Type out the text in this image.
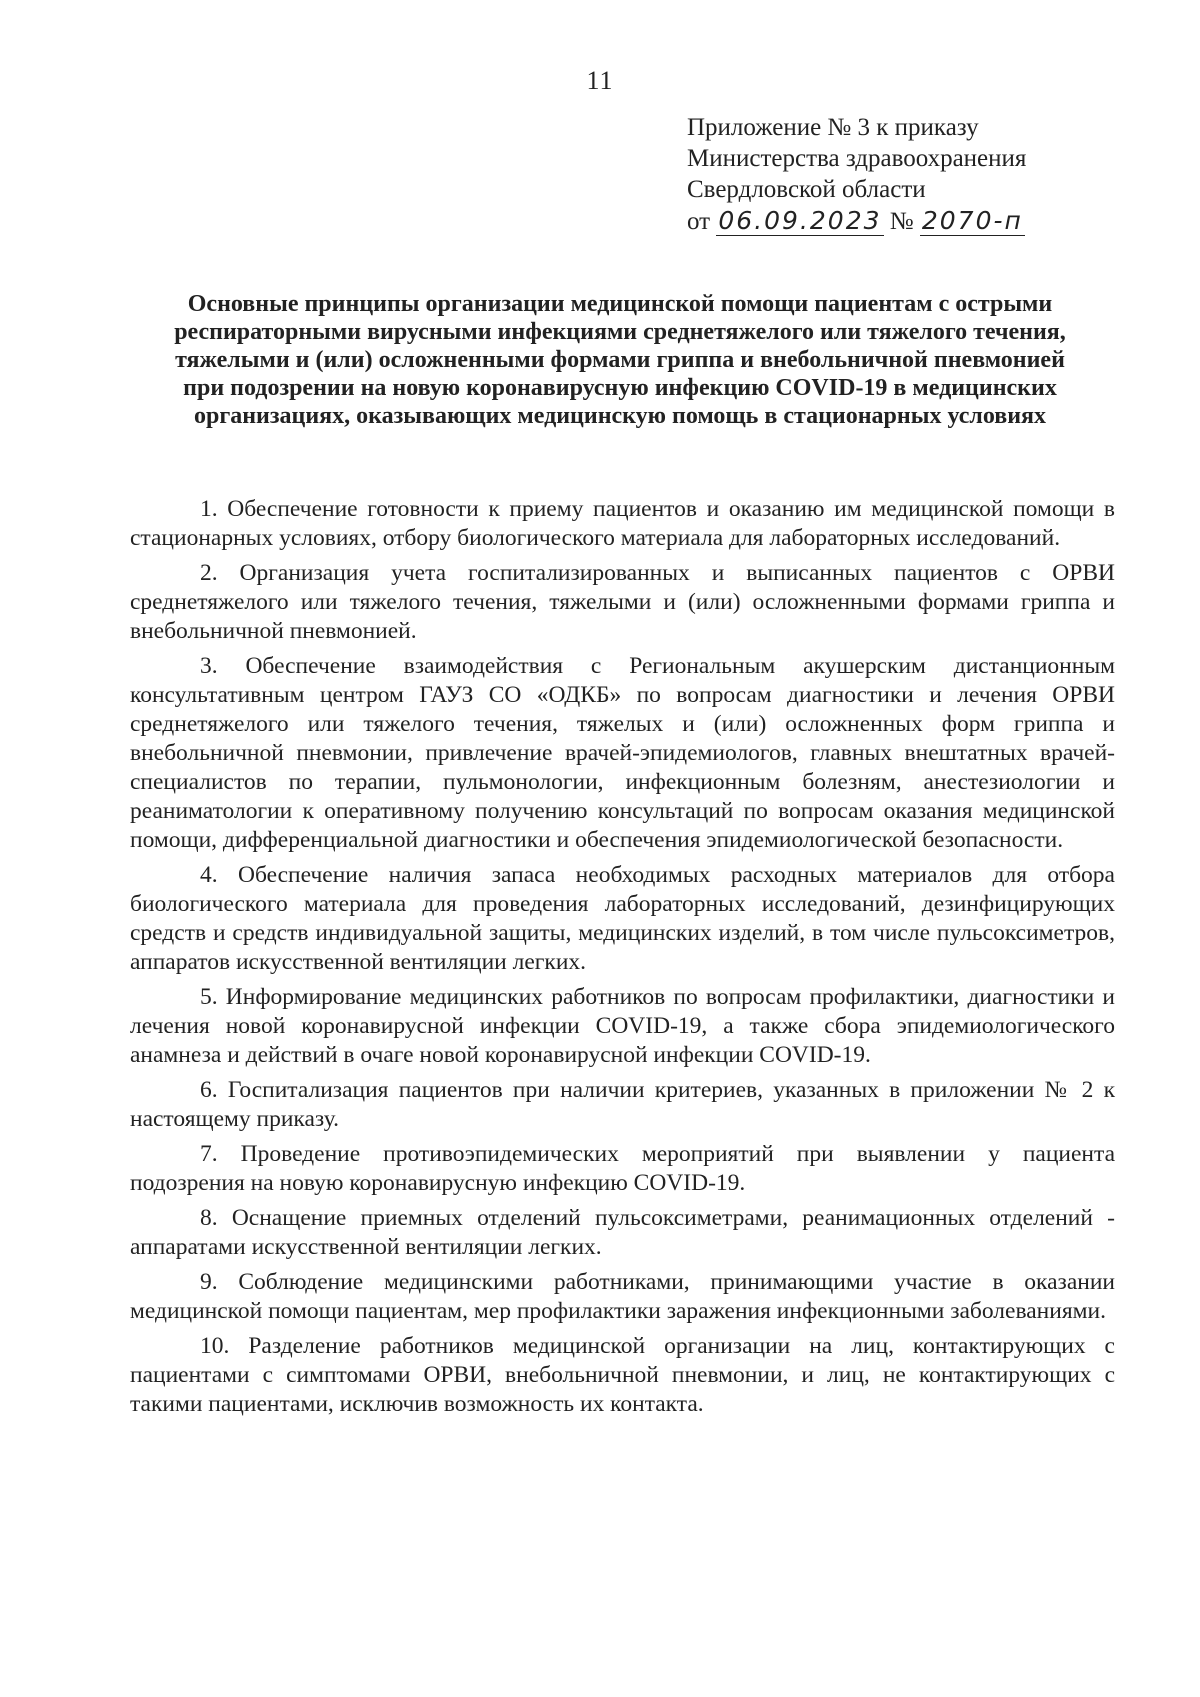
11
Приложение № 3 к приказу
Министерства здравоохранения
Свердловской области
от 06.09.2023 № 2070-п
Основные принципы организации медицинской помощи пациентам с острыми
респираторными вирусными инфекциями среднетяжелого или тяжелого течения,
тяжелыми и (или) осложненными формами гриппа и внебольничной пневмонией
при подозрении на новую коронавирусную инфекцию COVID-19 в медицинских
организациях, оказывающих медицинскую помощь в стационарных условиях

1. Обеспечение готовности к приему пациентов и оказанию им медицинской помощи в стационарных условиях, отбору биологического материала для лабораторных исследований.

2. Организация учета госпитализированных и выписанных пациентов с ОРВИ среднетяжелого или тяжелого течения, тяжелыми и (или) осложненными формами гриппа и внебольничной пневмонией.

3. Обеспечение взаимодействия с Региональным акушерским дистанционным консультативным центром ГАУЗ СО «ОДКБ» по вопросам диагностики и лечения ОРВИ среднетяжелого или тяжелого течения, тяжелых и (или) осложненных форм гриппа и внебольничной пневмонии, привлечение врачей-эпидемиологов, главных внештатных врачей-специалистов по терапии, пульмонологии, инфекционным болезням, анестезиологии и реаниматологии к оперативному получению консультаций по вопросам оказания медицинской помощи, дифференциальной диагностики и обеспечения эпидемиологической безопасности.

4. Обеспечение наличия запаса необходимых расходных материалов для отбора биологического материала для проведения лабораторных исследований, дезинфицирующих средств и средств индивидуальной защиты, медицинских изделий, в том числе пульсоксиметров, аппаратов искусственной вентиляции легких.

5. Информирование медицинских работников по вопросам профилактики, диагностики и лечения новой коронавирусной инфекции COVID-19, а также сбора эпидемиологического анамнеза и действий в очаге новой коронавирусной инфекции COVID-19.

6. Госпитализация пациентов при наличии критериев, указанных в приложении № 2 к настоящему приказу.

7. Проведение противоэпидемических мероприятий при выявлении у пациента подозрения на новую коронавирусную инфекцию COVID-19.

8. Оснащение приемных отделений пульсоксиметрами, реанимационных отделений - аппаратами искусственной вентиляции легких.

9. Соблюдение медицинскими работниками, принимающими участие в оказании медицинской помощи пациентам, мер профилактики заражения инфекционными заболеваниями.

10. Разделение работников медицинской организации на лиц, контактирующих с пациентами с симптомами ОРВИ, внебольничной пневмонии, и лиц, не контактирующих с такими пациентами, исключив возможность их контакта.
